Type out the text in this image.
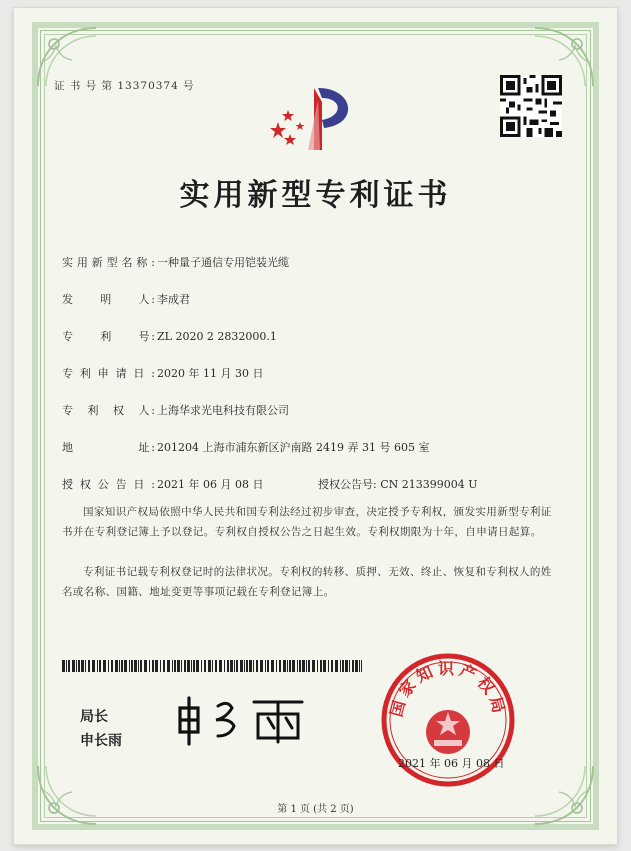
证 书 号 第 13370374 号
实用新型专利证书
实用新型名称: 一种量子通信专用铠装光缆
发　　明　　人: 李成君
专　　利　　号: ZL 2020 2 2832000.1
专利申请日: 2020 年 11 月 30 日
专　利　权　人: 上海华求光电科技有限公司
地　　　　　址: 201204 上海市浦东新区沪南路 2419 弄 31 号 605 室
授权公告日: 2021 年 06 月 08 日	授权公告号: CN 213399004 U
国家知识产权局依照中华人民共和国专利法经过初步审查，决定授予专利权，颁发实用新型专利证书并在专利登记簿上予以登记。专利权自授权公告之日起生效。专利权期限为十年，自申请日起算。
专利证书记载专利权登记时的法律状况。专利权的转移、质押、无效、终止、恢复和专利权人的姓名或名称、国籍、地址变更等事项记载在专利登记簿上。
局长
申长雨
国家知识产权局
2021 年 06 月 08 日
第 1 页 (共 2 页)
